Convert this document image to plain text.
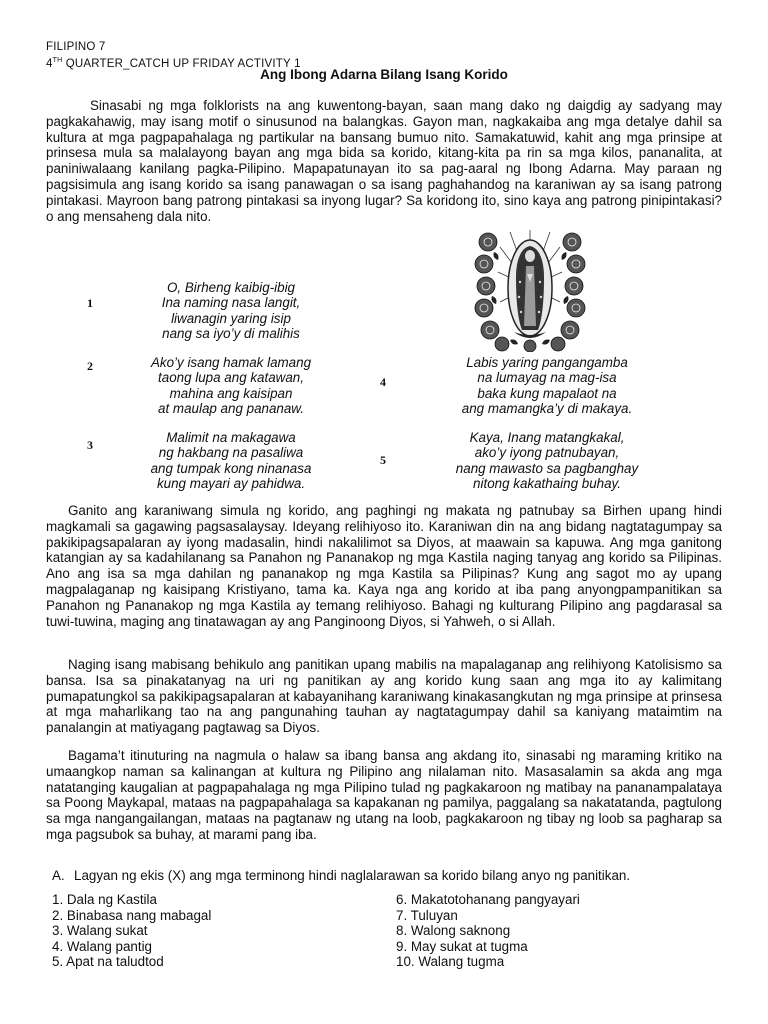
FILIPINO 7
4TH QUARTER_CATCH UP FRIDAY ACTIVITY 1
Ang Ibong Adarna Bilang Isang Korido

Sinasabi ng mga folklorists na ang kuwentong-bayan, saan mang dako ng daigdig ay sadyang may pagkakahawig, may isang motif o sinusunod na balangkas. Gayon man, nagkakaiba ang mga detalye dahil sa kultura at mga pagpapahalaga ng partikular na bansang bumuo nito. Samakatuwid, kahit ang mga prinsipe at prinsesa mula sa malalayong bayan ang mga bida sa korido, kitang-kita pa rin sa mga kilos, pananalita, at paniniwalaang kanilang pagka-Pilipino. Mapapatunayan ito sa pag-aaral ng Ibong Adarna. May paraan ng pagsisimula ang isang korido sa isang panawagan o sa isang paghahandog na karaniwan ay sa isang patrong pintakasi. Mayroon bang patrong pintakasi sa inyong lugar? Sa koridong ito, sino kaya ang patrong pinipintakasi? o ang mensaheng dala nito.

1
2
3
4
5
O, Birheng kaibig-ibig
Ina naming nasa langit,
liwanagin yaring isip
nang sa iyo’y di malihis
Ako’y isang hamak lamang
taong lupa ang katawan,
mahina ang kaisipan
at maulap ang pananaw.
Malimit na makagawa
ng hakbang na pasaliwa
ang tumpak kong ninanasa
kung mayari ay pahidwa.
Labis yaring pangangamba
na lumayag na mag-isa
baka kung mapalaot na
ang mamangka’y di makaya.
Kaya, Inang matangkakal,
ako’y iyong patnubayan,
nang mawasto sa pagbanghay
nitong kakathaing buhay.

Ganito ang karaniwang simula ng korido, ang paghingi ng makata ng patnubay sa Birhen upang hindi magkamali sa gagawing pagsasalaysay. Ideyang relihiyoso ito. Karaniwan din na ang bidang nagtatagumpay sa pakikipagsapalaran ay iyong madasalin, hindi nakalilimot sa Diyos, at maawain sa kapuwa. Ang mga ganitong katangian ay sa kadahilanang sa Panahon ng Pananakop ng mga Kastila naging tanyag ang korido sa Pilipinas. Ano ang isa sa mga dahilan ng pananakop ng mga Kastila sa Pilipinas? Kung ang sagot mo ay upang magpalaganap ng kaisipang Kristiyano, tama ka. Kaya nga ang korido at iba pang anyongpampanitikan sa Panahon ng Pananakop ng mga Kastila ay temang relihiyoso. Bahagi ng kulturang Pilipino ang pagdarasal sa tuwi-tuwina, maging ang tinatawagan ay ang Panginoong Diyos, si Yahweh, o si Allah.

Naging isang mabisang behikulo ang panitikan upang mabilis na mapalaganap ang relihiyong Katolisismo sa bansa. Isa sa pinakatanyag na uri ng panitikan ay ang korido kung saan ang mga ito ay kalimitang pumapatungkol sa pakikipagsapalaran at kabayanihang karaniwang kinakasangkutan ng mga prinsipe at prinsesa at mga maharlikang tao na ang pangunahing tauhan ay nagtatagumpay dahil sa kaniyang mataimtim na panalangin at matiyagang pagtawag sa Diyos.

Bagama’t itinuturing na nagmula o halaw sa ibang bansa ang akdang ito, sinasabi ng maraming kritiko na umaangkop naman sa kalinangan at kultura ng Pilipino ang nilalaman nito. Masasalamin sa akda ang mga natatanging kaugalian at pagpapahalaga ng mga Pilipino tulad ng pagkakaroon ng matibay na pananampalataya sa Poong Maykapal, mataas na pagpapahalaga sa kapakanan ng pamilya, paggalang sa nakatatanda, pagtulong sa mga nangangailangan, mataas na pagtanaw ng utang na loob, pagkakaroon ng tibay ng loob sa pagharap sa mga pagsubok sa buhay, at marami pang iba.

A. Lagyan ng ekis (X) ang mga terminong hindi naglalarawan sa korido bilang anyo ng panitikan.
1. Dala ng Kastila
2. Binabasa nang mabagal
3. Walang sukat
4. Walang pantig
5. Apat na taludtod
6. Makatotohanang pangyayari
7. Tuluyan
8. Walong saknong
9. May sukat at tugma
10. Walang tugma
